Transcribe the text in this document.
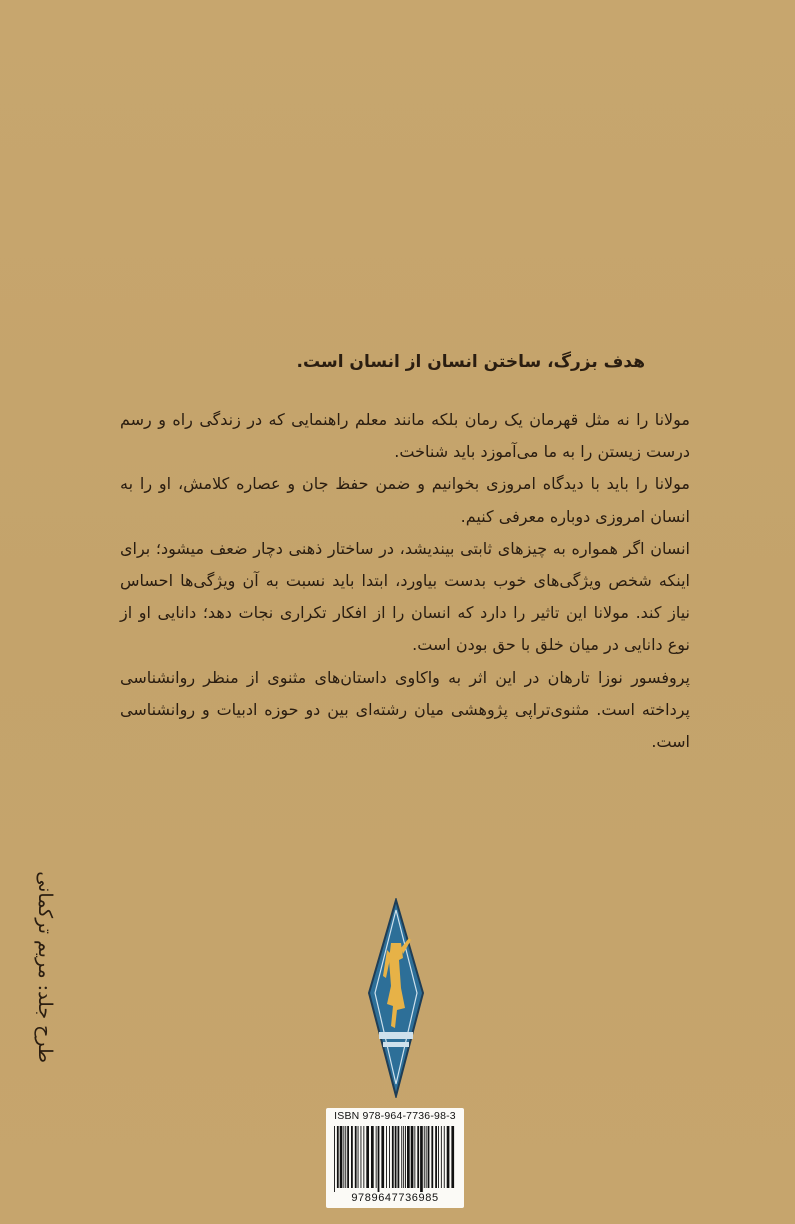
هدف بزرگ، ساختن انسان از انسان است.

مولانا را نه مثل قهرمان یک رمان بلکه مانند معلم راهنمایی که در زندگی راه و رسم درست زیستن را به ما می‌آموزد باید شناخت.

مولانا را باید با دیدگاه امروزی بخوانیم و ضمن حفظ جان و عصاره کلامش، او را به انسان امروزی دوباره معرفی کنیم.

انسان اگر همواره به چیزهای ثابتی بیندیشد، در ساختار ذهنی دچار ضعف میشود؛ برای اینکه شخص ویژگی‌های خوب بدست بیاورد، ابتدا باید نسبت به آن ویژگی‌ها احساس نیاز کند. مولانا این تاثیر را دارد که انسان را از افکار تکراری نجات دهد؛ دانایی او از نوع دانایی در میان خلق با حق بودن است.

پروفسور نوزا تارهان در این اثر به واکاوی داستان‌های مثنوی از منظر روانشناسی پرداخته است. مثنوی‌تراپی پژوهشی میان رشته‌ای بین دو حوزه ادبیات و روانشناسی است.

طرح جلد: مریم ترکمانی
ISBN 978-964-7736-98-3
9789647736985
